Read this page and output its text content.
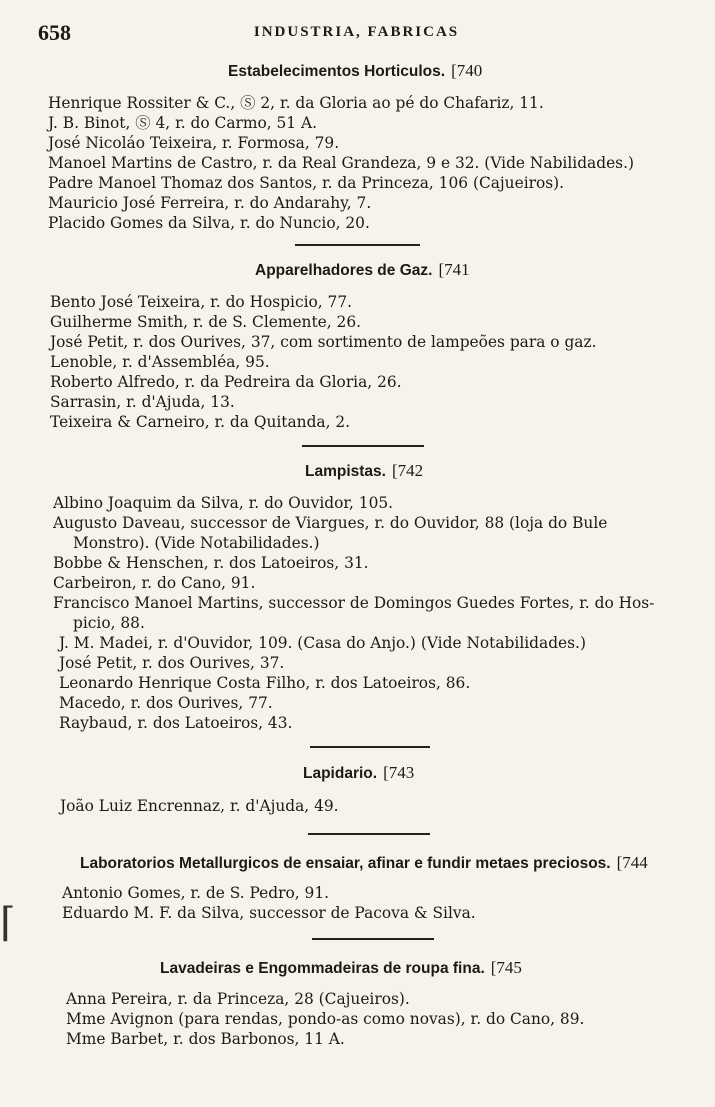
658	INDUSTRIA, FABRICAS
Estabelecimentos Horticulos. [740
Henrique Rossiter & C., Ⓢ 2, r. da Gloria ao pé do Chafariz, 11.
J. B. Binot, Ⓢ 4, r. do Carmo, 51 A.
José Nicoláo Teixeira, r. Formosa, 79.
Manoel Martins de Castro, r. da Real Grandeza, 9 e 32. (Vide Nabilidades.)
Padre Manoel Thomaz dos Santos, r. da Princeza, 106 (Cajueiros).
Mauricio José Ferreira, r. do Andarahy, 7.
Placido Gomes da Silva, r. do Nuncio, 20.
Apparelhadores de Gaz. [741
Bento José Teixeira, r. do Hospicio, 77.
Guilherme Smith, r. de S. Clemente, 26.
José Petit, r. dos Ourives, 37, com sortimento de lampeões para o gaz.
Lenoble, r. d'Assembléa, 95.
Roberto Alfredo, r. da Pedreira da Gloria, 26.
Sarrasin, r. d'Ajuda, 13.
Teixeira & Carneiro, r. da Quitanda, 2.
Lampistas. [742
Albino Joaquim da Silva, r. do Ouvidor, 105.
Augusto Daveau, successor de Viargues, r. do Ouvidor, 88 (loja do Bule
Monstro). (Vide Notabilidades.)
Bobbe & Henschen, r. dos Latoeiros, 31.
Carbeiron, r. do Cano, 91.
Francisco Manoel Martins, successor de Domingos Guedes Fortes, r. do Hos-
picio, 88.
J. M. Madei, r. d'Ouvidor, 109. (Casa do Anjo.) (Vide Notabilidades.)
José Petit, r. dos Ourives, 37.
Leonardo Henrique Costa Filho, r. dos Latoeiros, 86.
Macedo, r. dos Ourives, 77.
Raybaud, r. dos Latoeiros, 43.
Lapidario. [743
João Luiz Encrennaz, r. d'Ajuda, 49.
Laboratorios Metallurgicos de ensaiar, afinar e fundir metaes preciosos. [744
Antonio Gomes, r. de S. Pedro, 91.
Eduardo M. F. da Silva, successor de Pacova & Silva.
Lavadeiras e Engommadeiras de roupa fina. [745
Anna Pereira, r. da Princeza, 28 (Cajueiros).
Mme Avignon (para rendas, pondo-as como novas), r. do Cano, 89.
Mme Barbet, r. dos Barbonos, 11 A.
⌈
